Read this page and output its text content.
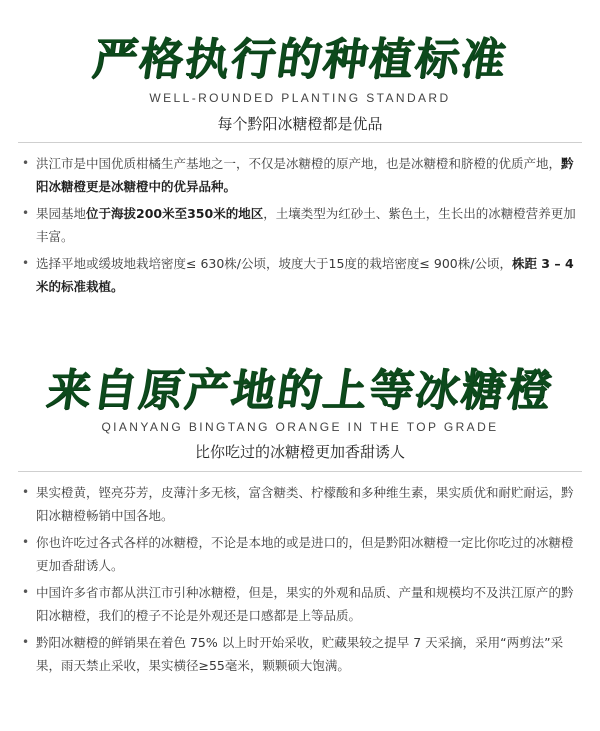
严格执行的种植标准
WELL-ROUNDED PLANTING STANDARD
每个黔阳冰糖橙都是优品
• 洪江市是中国优质柑橘生产基地之一，不仅是冰糖橙的原产地，也是冰糖橙和脐橙的优质产地，黔阳冰糖橙更是冰糖橙中的优异品种。
• 果园基地位于海拔200米至350米的地区，土壤类型为红砂土、紫色土，生长出的冰糖橙营养更加丰富。
• 选择平地或缓坡地栽培密度≤ 630株/公顷，坡度大于15度的栽培密度≤ 900株/公顷，株距 3 – 4米的标准栽植。
来自原产地的上等冰糖橙
QIANYANG BINGTANG ORANGE IN THE TOP GRADE
比你吃过的冰糖橙更加香甜诱人
• 果实橙黄，铿亮芬芳，皮薄汁多无核，富含糖类、柠檬酸和多种维生素，果实质优和耐贮耐运，黔阳冰糖橙畅销中国各地。
• 你也许吃过各式各样的冰糖橙，不论是本地的或是进口的，但是黔阳冰糖橙一定比你吃过的冰糖橙更加香甜诱人。
• 中国许多省市都从洪江市引种冰糖橙，但是，果实的外观和品质、产量和规模均不及洪江原产的黔阳冰糖橙，我们的橙子不论是外观还是口感都是上等品质。
• 黔阳冰糖橙的鲜销果在着色 75% 以上时开始采收，贮藏果较之提早 7 天采摘，采用“两剪法”采果，雨天禁止采收，果实横径≥55毫米，颗颗硕大饱满。
